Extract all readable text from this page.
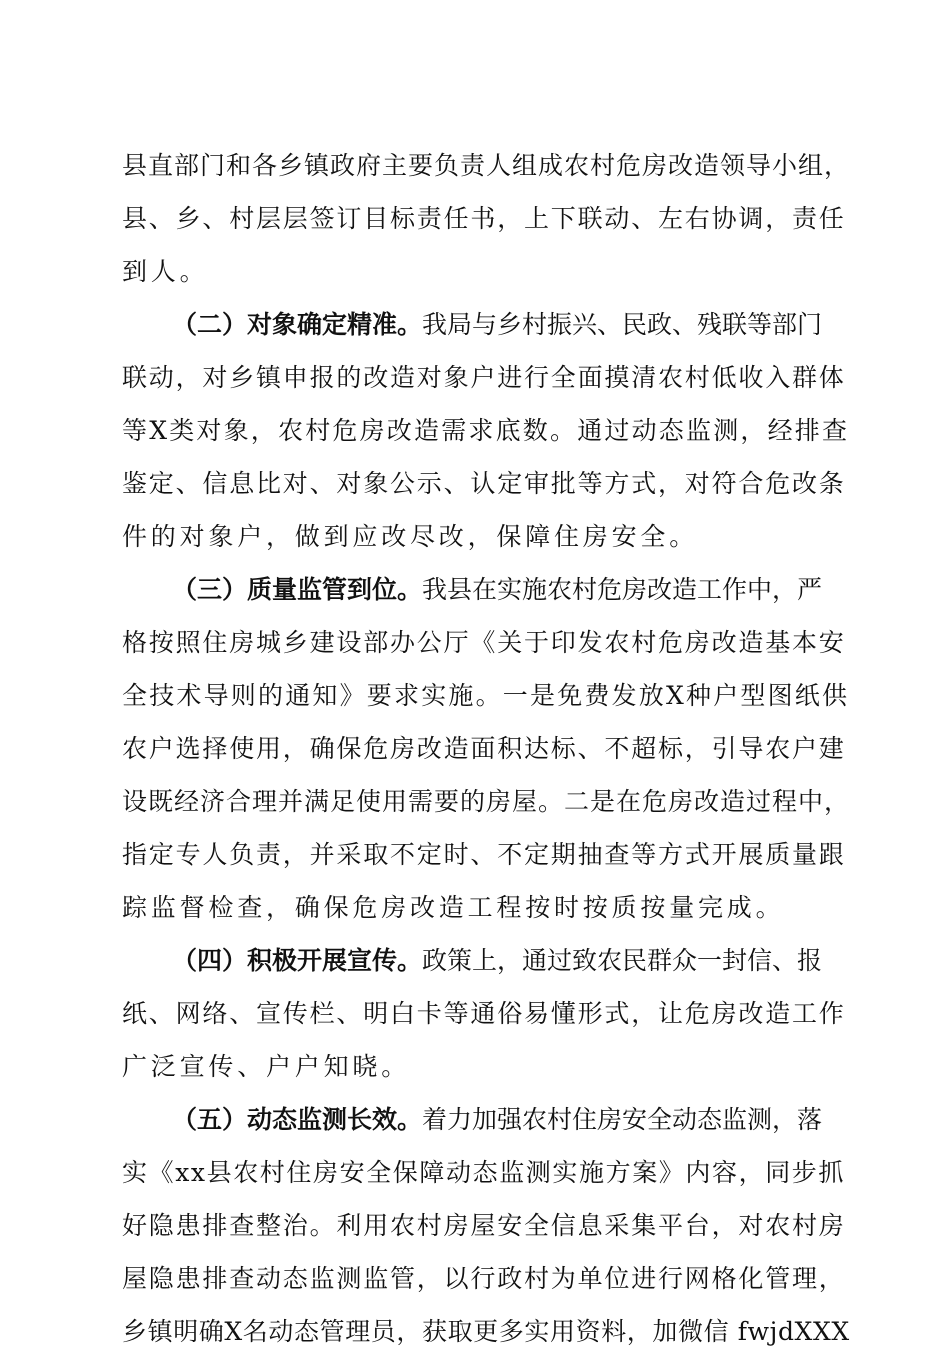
县直部门和各乡镇政府主要负责人组成农村危房改造领导小组，
县、乡、村层层签订目标责任书，上下联动、左右协调，责任
到人。
（二）对象确定精准。我局与乡村振兴、民政、残联等部门
联动，对乡镇申报的改造对象户进行全面摸清农村低收入群体
等X类对象，农村危房改造需求底数。通过动态监测，经排查
鉴定、信息比对、对象公示、认定审批等方式，对符合危改条
件的对象户，做到应改尽改，保障住房安全。
（三）质量监管到位。我县在实施农村危房改造工作中，严
格按照住房城乡建设部办公厅《关于印发农村危房改造基本安
全技术导则的通知》要求实施。一是免费发放X种户型图纸供
农户选择使用，确保危房改造面积达标、不超标，引导农户建
设既经济合理并满足使用需要的房屋。二是在危房改造过程中，
指定专人负责，并采取不定时、不定期抽查等方式开展质量跟
踪监督检查，确保危房改造工程按时按质按量完成。
（四）积极开展宣传。政策上，通过致农民群众一封信、报
纸、网络、宣传栏、明白卡等通俗易懂形式，让危房改造工作
广泛宣传、户户知晓。
（五）动态监测长效。着力加强农村住房安全动态监测，落
实《xx县农村住房安全保障动态监测实施方案》内容，同步抓
好隐患排查整治。利用农村房屋安全信息采集平台，对农村房
屋隐患排查动态监测监管，以行政村为单位进行网格化管理，
乡镇明确X名动态管理员，获取更多实用资料，加微信 fwjdXXX
